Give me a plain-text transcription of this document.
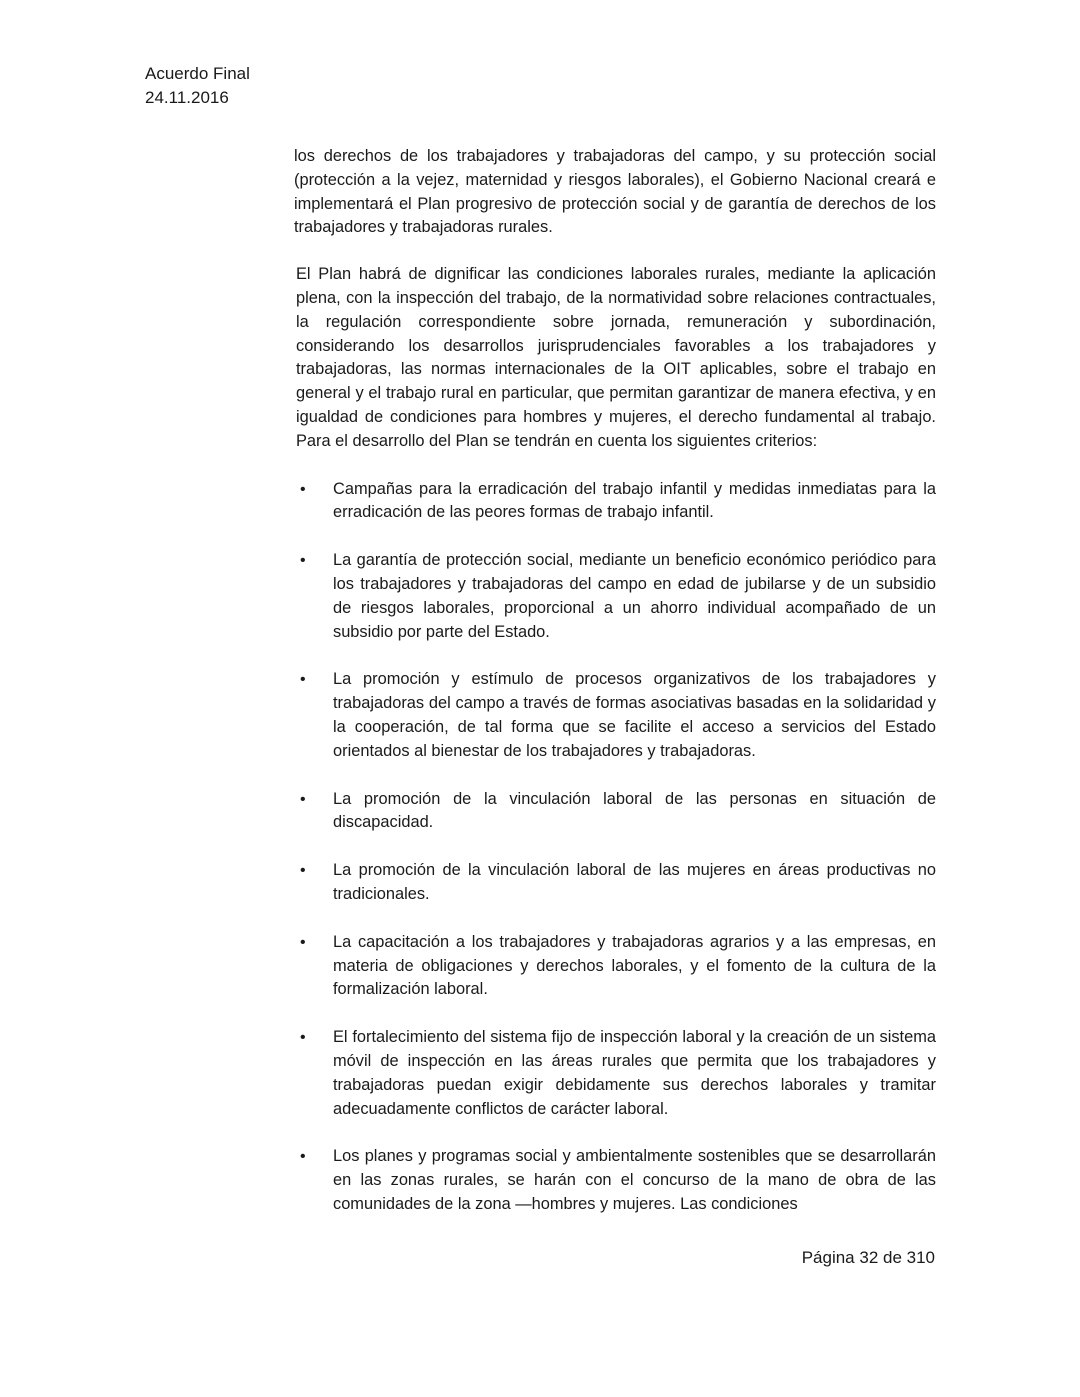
Acuerdo Final
24.11.2016

los derechos de los trabajadores y trabajadoras del campo, y su protección social (protección a la vejez, maternidad y riesgos laborales), el Gobierno Nacional creará e implementará el Plan progresivo de protección social y de garantía de derechos de los trabajadores y trabajadoras rurales.

El Plan habrá de dignificar las condiciones laborales rurales, mediante la aplicación plena, con la inspección del trabajo, de la normatividad sobre relaciones contractuales, la regulación correspondiente sobre jornada, remuneración y subordinación, considerando los desarrollos jurisprudenciales favorables a los trabajadores y trabajadoras, las normas internacionales de la OIT aplicables, sobre el trabajo en general y el trabajo rural en particular, que permitan garantizar de manera efectiva, y en igualdad de condiciones para hombres y mujeres, el derecho fundamental al trabajo. Para el desarrollo del Plan se tendrán en cuenta los siguientes criterios:

• Campañas para la erradicación del trabajo infantil y medidas inmediatas para la erradicación de las peores formas de trabajo infantil.
• La garantía de protección social, mediante un beneficio económico periódico para los trabajadores y trabajadoras del campo en edad de jubilarse y de un subsidio de riesgos laborales, proporcional a un ahorro individual acompañado de un subsidio por parte del Estado.
• La promoción y estímulo de procesos organizativos de los trabajadores y trabajadoras del campo a través de formas asociativas basadas en la solidaridad y la cooperación, de tal forma que se facilite el acceso a servicios del Estado orientados al bienestar de los trabajadores y trabajadoras.
• La promoción de la vinculación laboral de las personas en situación de discapacidad.
• La promoción de la vinculación laboral de las mujeres en áreas productivas no tradicionales.
• La capacitación a los trabajadores y trabajadoras agrarios y a las empresas, en materia de obligaciones y derechos laborales, y el fomento de la cultura de la formalización laboral.
• El fortalecimiento del sistema fijo de inspección laboral y la creación de un sistema móvil de inspección en las áreas rurales que permita que los trabajadores y trabajadoras puedan exigir debidamente sus derechos laborales y tramitar adecuadamente conflictos de carácter laboral.
• Los planes y programas social y ambientalmente sostenibles que se desarrollarán en las zonas rurales, se harán con el concurso de la mano de obra de las comunidades de la zona —hombres y mujeres. Las condiciones
Página 32 de 310
